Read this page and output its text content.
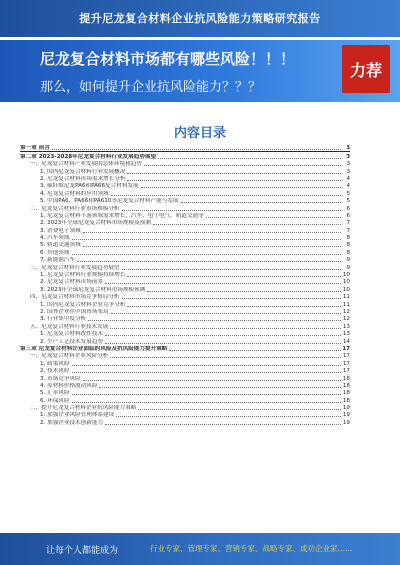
提升尼龙复合材料企业抗风险能力策略研究报告
尼龙复合材料市场都有哪些风险！！！
那么，如何提升企业抗风险能力？？？
力荐
内容目录
第一章 前言	3
第二章 2023-2028年尼龙复合材料行业发展趋势展望	3
一、尼龙复合材料产业发展的总体环境和趋势	3
1. 国内尼龙复合材料行业发展概况	3
2. 尼龙复合材料市场需求增长分析	4
3. 碳纤维尼龙PA6和PA66复合材料发展	4
4. 尼龙复合材料的应用领域	5
5. 中国PA6、PA66和PA610等尼龙复合材料产能与发展	5
二、尼龙复合材料行业市场规模分析	6
1. 尼龙复合材料下游领域需求增长，汽车、电子电气、轨道交通等	6
2. 2023年全球尼龙复合材料市场规模及预测	7
3. 消费电子领域	7
4. 汽车领域	8
5. 轨道交通领域	8
6. 其他领域	8
7. 新能源汽车	9
三、尼龙复合材料行业发展趋势展望	9
1. 尼龙复合材料行业规模持续增长	10
2. 尼龙复合材料市场前景	10
3. 2023年全球尼龙复合材料市场规模预测	10
四、尼龙复合材料市场竞争格局分析	11
1. 国内尼龙复合材料企业竞争分析	11
2. 国外企业在中国市场布局	12
3. 行业集中度分析	12
五、尼龙复合材料行业技术发展	13
1. 尼龙复合材料改性技术	13
2. 生产工艺技术发展趋势	14
第三章 尼龙复合材料企业面临的风险及抗风险能力提升策略	17
一、尼龙复合材料企业风险分析	17
1. 政策风险	17
2. 技术风险	17
3. 市场竞争风险	18
4. 原材料价格波动风险	18
5. 汇率风险	18
6. 环保风险	18
二、提升尼龙复合材料企业抗风险能力策略	19
1. 加强企业风险管理体系建设	19
2. 加强企业技术创新能力	19
让每个人都能成为	行业专家、管理专家、营销专家、战略专家、成功企业家……
